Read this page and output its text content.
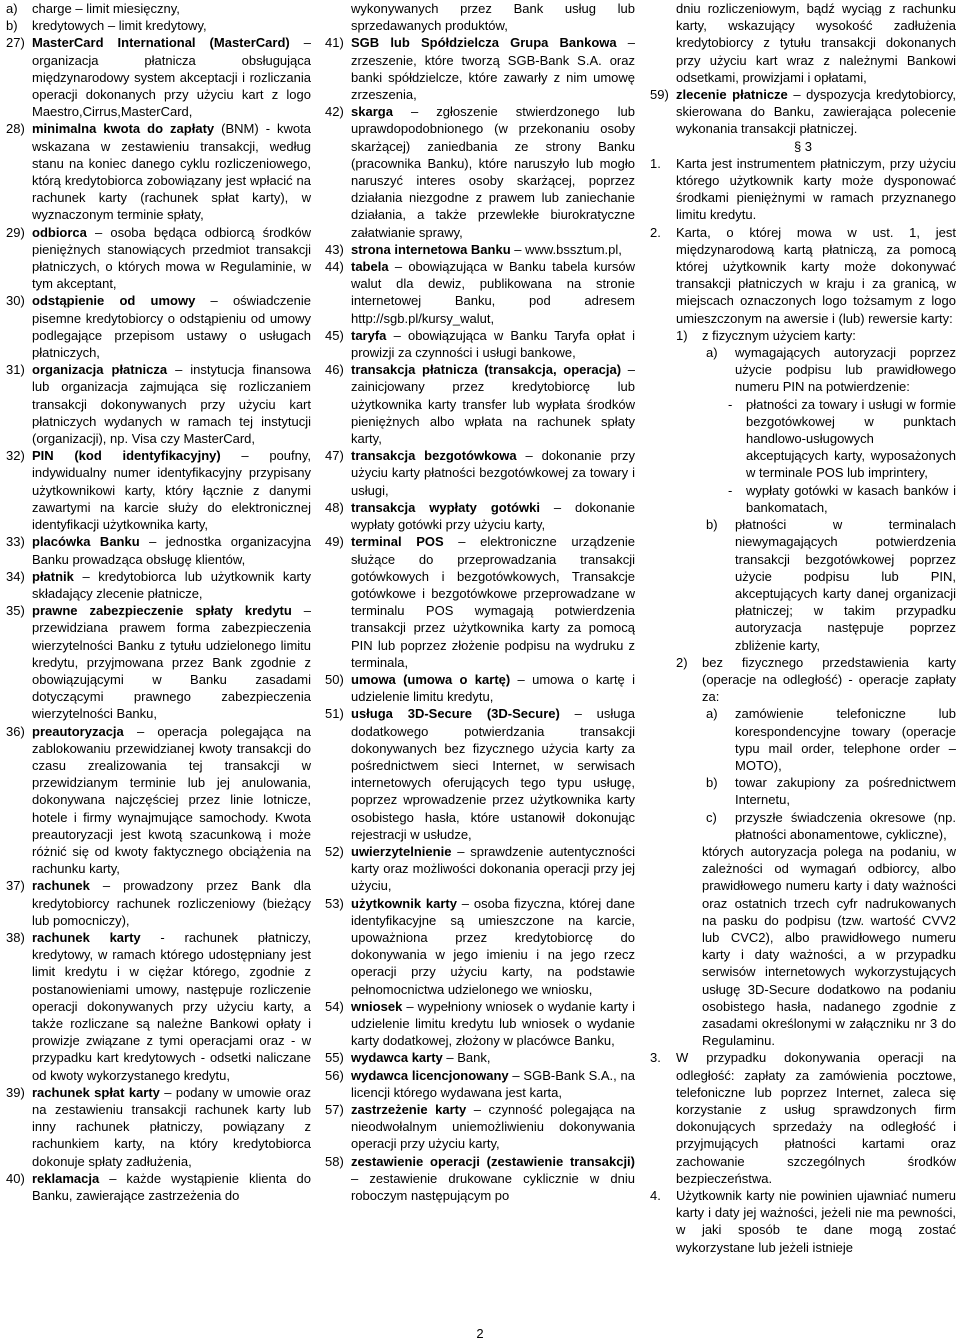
a) charge – limit miesięczny,

b) kredytowych – limit kredytowy,

27) MasterCard International (MasterCard) – organizacja płatnicza obsługująca międzynarodowy system akceptacji i rozliczania operacji dokonanych przy użyciu kart z logo Maestro,Cirrus,MasterCard,

28) minimalna kwota do zapłaty (BNM) - kwota wskazana w zestawieniu transakcji, według stanu na koniec danego cyklu rozliczeniowego, którą kredytobiorca zobowiązany jest wpłacić na rachunek karty (rachunek spłat karty), w wyznaczonym terminie spłaty,

29) odbiorca – osoba będąca odbiorcą środków pieniężnych stanowiących przedmiot transakcji płatniczych, o których mowa w Regulaminie, w tym akceptant,

30) odstąpienie od umowy – oświadczenie pisemne kredytobiorcy o odstąpieniu od umowy podlegające przepisom ustawy o usługach płatniczych,

31) organizacja płatnicza – instytucja finansowa lub organizacja zajmująca się rozliczaniem transakcji dokonywanych przy użyciu kart płatniczych wydanych w ramach tej instytucji (organizacji), np. Visa czy MasterCard,

32) PIN (kod identyfikacyjny) – poufny, indywidualny numer identyfikacyjny przypisany użytkownikowi karty, który łącznie z danymi zawartymi na karcie służy do elektronicznej identyfikacji użytkownika karty,

33) placówka Banku – jednostka organizacyjna Banku prowadząca obsługę klientów,

34) płatnik – kredytobiorca lub użytkownik karty składający zlecenie płatnicze,

35) prawne zabezpieczenie spłaty kredytu – przewidziana prawem forma zabezpieczenia wierzytelności Banku z tytułu udzielonego limitu kredytu, przyjmowana przez Bank zgodnie z obowiązującymi w Banku zasadami dotyczącymi prawnego zabezpieczenia wierzytelności Banku,

36) preautoryzacja – operacja polegająca na zablokowaniu przewidzianej kwoty transakcji do czasu zrealizowania tej transakcji w przewidzianym terminie lub jej anulowania, dokonywana najczęściej przez linie lotnicze, hotele i firmy wynajmujące samochody. Kwota preautoryzacji jest kwotą szacunkową i może różnić się od kwoty faktycznego obciążenia na rachunku karty,

37) rachunek – prowadzony przez Bank dla kredytobiorcy rachunek rozliczeniowy (bieżący lub pomocniczy),

38) rachunek karty - rachunek płatniczy, kredytowy, w ramach którego udostępniany jest limit kredytu i w ciężar którego, zgodnie z postanowieniami umowy, następuje rozliczenie operacji dokonywanych przy użyciu karty, a także rozliczane są należne Bankowi opłaty i prowizje związane z tymi operacjami oraz - w przypadku kart kredytowych - odsetki naliczane od kwoty wykorzystanego kredytu,

39) rachunek spłat karty – podany w umowie oraz na zestawieniu transakcji rachunek karty lub inny rachunek płatniczy, powiązany z rachunkiem karty, na który kredytobiorca dokonuje spłaty zadłużenia,

40) reklamacja – każde wystąpienie klienta do Banku, zawierające zastrzeżenia do

wykonywanych przez Bank usług lub sprzedawanych produktów,

41) SGB lub Spółdzielcza Grupa Bankowa – zrzeszenie, które tworzą SGB-Bank S.A. oraz banki spółdzielcze, które zawarły z nim umowę zrzeszenia,

42) skarga – zgłoszenie stwierdzonego lub uprawdopodobnionego (w przekonaniu osoby skarżącej) zaniedbania ze strony Banku (pracownika Banku), które naruszyło lub mogło naruszyć interes osoby skarżącej, poprzez działania niezgodne z prawem lub zaniechanie działania, a także przewlekłe biurokratyczne załatwianie sprawy,

43) strona internetowa Banku – www.bssztum.pl,

44) tabela – obowiązująca w Banku tabela kursów walut dla dewiz, publikowana na stronie internetowej Banku, pod adresem http://sgb.pl/kursy_walut,

45) taryfa – obowiązująca w Banku Taryfa opłat i prowizji za czynności i usługi bankowe,

46) transakcja płatnicza (transakcja, operacja) – zainicjowany przez kredytobiorcę lub użytkownika karty transfer lub wypłata środków pieniężnych albo wpłata na rachunek spłaty karty,

47) transakcja bezgotówkowa – dokonanie przy użyciu karty płatności bezgotówkowej za towary i usługi,

48) transakcja wypłaty gotówki – dokonanie wypłaty gotówki przy użyciu karty,

49) terminal POS – elektroniczne urządzenie służące do przeprowadzania transakcji gotówkowych i bezgotówkowych, Transakcje gotówkowe i bezgotówkowe przeprowadzane w terminalu POS wymagają potwierdzenia transakcji przez użytkownika karty za pomocą PIN lub poprzez złożenie podpisu na wydruku z terminala,

50) umowa (umowa o kartę) – umowa o kartę i udzielenie limitu kredytu,

51) usługa 3D-Secure (3D-Secure) – usługa dodatkowego potwierdzania transakcji dokonywanych bez fizycznego użycia karty za pośrednictwem sieci Internet, w serwisach internetowych oferujących tego typu usługę, poprzez wprowadzenie przez użytkownika karty osobistego hasła, które ustanowił dokonując rejestracji w usłudze,

52) uwierzytelnienie – sprawdzenie autentyczności karty oraz możliwości dokonania operacji przy jej użyciu,

53) użytkownik karty – osoba fizyczna, której dane identyfikacyjne są umieszczone na karcie, upoważniona przez kredytobiorcę do dokonywania w jego imieniu i na jego rzecz operacji przy użyciu karty, na podstawie pełnomocnictwa udzielonego we wniosku,

54) wniosek – wypełniony wniosek o wydanie karty i udzielenie limitu kredytu lub wniosek o wydanie karty dodatkowej, złożony w placówce Banku,

55) wydawca karty – Bank,

56) wydawca licencjonowany – SGB-Bank S.A., na licencji którego wydawana jest karta,

57) zastrzeżenie karty – czynność polegająca na nieodwołalnym uniemożliwieniu dokonywania operacji przy użyciu karty,

58) zestawienie operacji (zestawienie transakcji) – zestawienie drukowane cyklicznie w dniu roboczym następującym po

dniu rozliczeniowym, bądź wyciąg z rachunku karty, wskazujący wysokość zadłużenia kredytobiorcy z tytułu transakcji dokonanych przy użyciu kart wraz z należnymi Bankowi odsetkami, prowizjami i opłatami,

59) zlecenie płatnicze – dyspozycja kredytobiorcy, skierowana do Banku, zawierająca polecenie wykonania transakcji płatniczej.

§ 3

1. Karta jest instrumentem płatniczym, przy użyciu którego użytkownik karty może dysponować środkami pieniężnymi w ramach przyznanego limitu kredytu.

2. Karta, o której mowa w ust. 1, jest międzynarodową kartą płatniczą, za pomocą której użytkownik karty może dokonywać transakcji płatniczych w kraju i za granicą, w miejscach oznaczonych logo tożsamym z logo umieszczonym na awersie i (lub) rewersie karty:

1) z fizycznym użyciem karty:

a) wymagających autoryzacji poprzez użycie podpisu lub prawidłowego numeru PIN na potwierdzenie:

- płatności za towary i usługi w formie bezgotówkowej w punktach handlowo-usługowych akceptujących karty, wyposażonych w terminale POS lub imprintery,

- wypłaty gotówki w kasach banków i bankomatach,

b) płatności w terminalach niewymagających potwierdzenia transakcji bezgotówkowej poprzez użycie podpisu lub PIN, akceptujących karty danej organizacji płatniczej; w takim przypadku autoryzacja następuje poprzez zbliżenie karty,

2) bez fizycznego przedstawienia karty (operacje na odległość) - operacje zapłaty za:

a) zamówienie telefoniczne lub korespondencyjne towary (operacje typu mail order, telephone order – MOTO),

b) towar zakupiony za pośrednictwem Internetu,

c) przyszłe świadczenia okresowe (np. płatności abonamentowe, cykliczne),

których autoryzacja polega na podaniu, w zależności od wymagań odbiorcy, albo prawidłowego numeru karty i daty ważności oraz ostatnich trzech cyfr nadrukowanych na pasku do podpisu (tzw. wartość CVV2 lub CVC2), albo prawidłowego numeru karty i daty ważności, a w przypadku serwisów internetowych wykorzystujących usługę 3D-Secure dodatkowo na podaniu osobistego hasła, nadanego zgodnie z zasadami określonymi w załączniku nr 3 do Regulaminu.

3. W przypadku dokonywania operacji na odległość: zapłaty za zamówienia pocztowe, telefoniczne lub poprzez Internet, zaleca się korzystanie z usług sprawdzonych firm dokonujących sprzedaży na odległość i przyjmujących płatności kartami oraz zachowanie szczególnych środków bezpieczeństwa.

4. Użytkownik karty nie powinien ujawniać numeru karty i daty jej ważności, jeżeli nie ma pewności, w jaki sposób te dane mogą zostać wykorzystane lub jeżeli istnieje

2
